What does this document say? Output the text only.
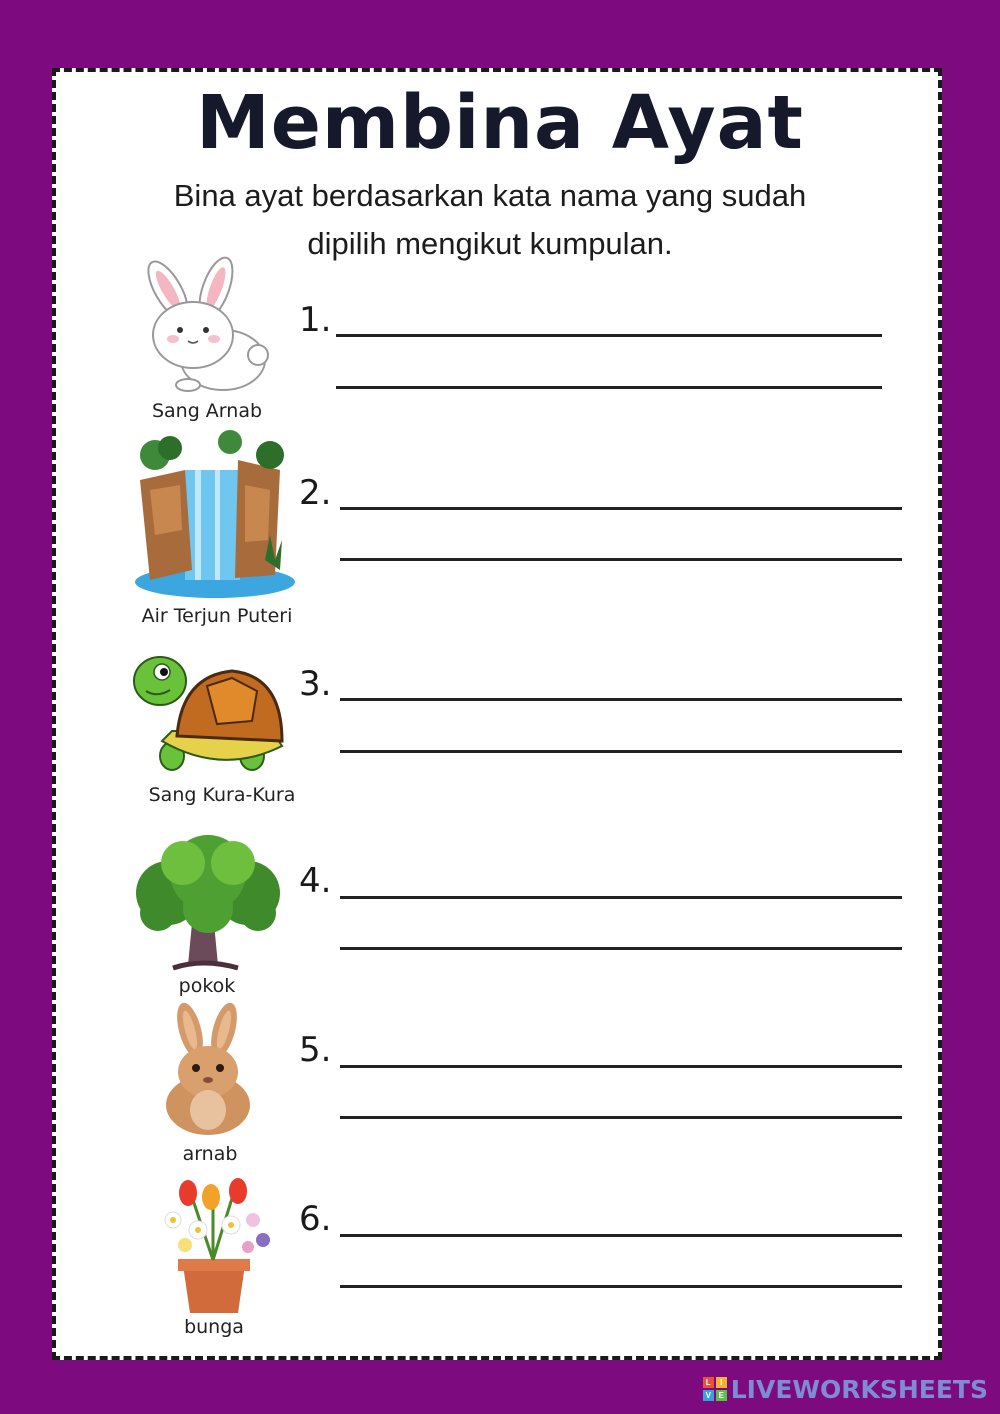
Membina Ayat
Bina ayat berdasarkan kata nama yang sudah
dipilih mengikut kumpulan.
Sang Arnab
1.
Air Terjun Puteri
2.
Sang Kura-Kura
3.
pokok
4.
arnab
5.
bunga
6.
L	I
V E LIVEWORKSHEETS
